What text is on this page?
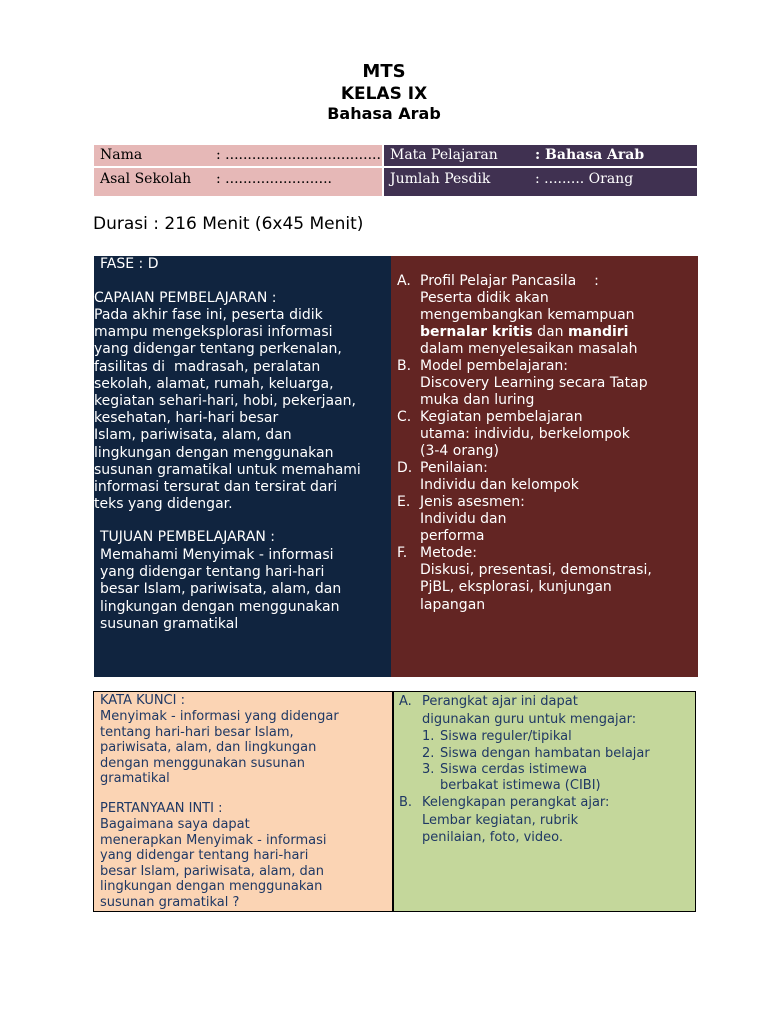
MTS
KELAS IX
Bahasa Arab
Nama	: ...................................
Asal Sekolah : ........................
Mata Pelajaran	: Bahasa Arab
Jumlah Pesdik	: ......... Orang
Durasi : 216 Menit (6x45 Menit)
FASE : D
CAPAIAN PEMBELAJARAN :
Pada akhir fase ini, peserta didik
mampu mengeksplorasi informasi
yang didengar tentang perkenalan,
fasilitas di  madrasah, peralatan
sekolah, alamat, rumah, keluarga,
kegiatan sehari-hari, hobi, pekerjaan,
kesehatan, hari-hari besar
Islam, pariwisata, alam, dan
lingkungan dengan menggunakan
susunan gramatikal untuk memahami
informasi tersurat dan tersirat dari
teks yang didengar.
TUJUAN PEMBELAJARAN :
Memahami Menyimak - informasi
yang didengar tentang hari-hari
besar Islam, pariwisata, alam, dan
lingkungan dengan menggunakan
susunan gramatikal
A. Profil Pelajar Pancasila    :
Peserta didik akan
mengembangkan kemampuan
bernalar kritis dan mandiri
dalam menyelesaikan masalah
B. Model pembelajaran:
Discovery Learning secara Tatap
muka dan luring
C. Kegiatan pembelajaran
utama: individu, berkelompok
(3-4 orang)
D. Penilaian:
Individu dan kelompok
E. Jenis asesmen:
Individu dan
performa
F. Metode:
Diskusi, presentasi, demonstrasi,
PjBL, eksplorasi, kunjungan
lapangan
KATA KUNCI :
Menyimak - informasi yang didengar
tentang hari-hari besar Islam,
pariwisata, alam, dan lingkungan
dengan menggunakan susunan
gramatikal
PERTANYAAN INTI :
Bagaimana saya dapat
menerapkan Menyimak - informasi
yang didengar tentang hari-hari
besar Islam, pariwisata, alam, dan
lingkungan dengan menggunakan
susunan gramatikal ?
A. Perangkat ajar ini dapat
digunakan guru untuk mengajar:
1. Siswa reguler/tipikal
2. Siswa dengan hambatan belajar
3. Siswa cerdas istimewa
berbakat istimewa (CIBI)
B. Kelengkapan perangkat ajar:
Lembar kegiatan, rubrik
penilaian, foto, video.
